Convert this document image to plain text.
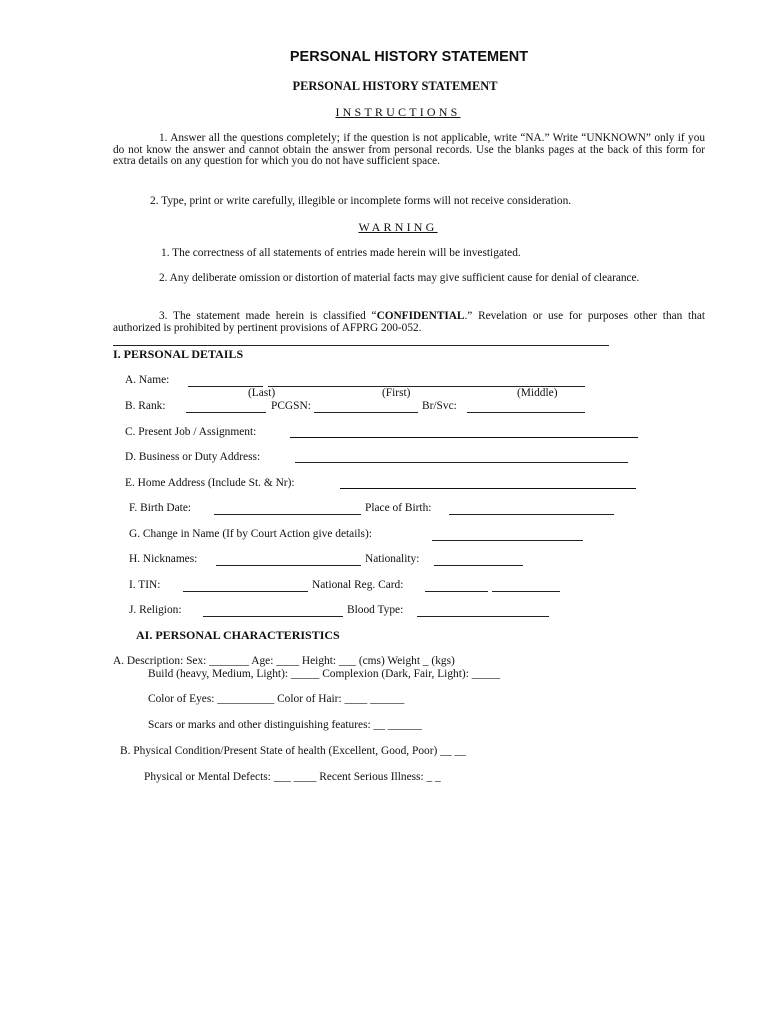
PERSONAL HISTORY STATEMENT
PERSONAL HISTORY STATEMENT
INSTRUCTIONS
1. Answer all the questions completely; if the question is not applicable, write “NA.” Write “UNKNOWN” only if you do not know the answer and cannot obtain the answer from personal records. Use the blanks pages at the back of this form for extra details on any question for which you do not have sufficient space.
2. Type, print or write carefully, illegible or incomplete forms will not receive consideration.
WARNING
1. The correctness of all statements of entries made herein will be investigated.
2. Any deliberate omission or distortion of material facts may give sufficient cause for denial of clearance.
3. The statement made herein is classified “CONFIDENTIAL.” Revelation or use for purposes other than that authorized is prohibited by pertinent provisions of AFPRG 200-052.
I. PERSONAL DETAILS
A. Name:
(Last)	(First)	(Middle)
B. Rank:	PCGSN:	Br/Svc:
C. Present Job / Assignment:
D. Business or Duty Address:
E. Home Address (Include St. & Nr):
F. Birth Date:	Place of Birth:
G. Change in Name (If by Court Action give details):
H. Nicknames:	Nationality:
I. TIN:	National Reg. Card:
J. Religion:	Blood Type:
AI. PERSONAL CHARACTERISTICS
A. Description: Sex: _______ Age: ____ Height: ___ (cms) Weight _ (kgs)
Build (heavy, Medium, Light): _____ Complexion (Dark, Fair, Light): _____
Color of Eyes: __________ Color of Hair: ____ ______
Scars or marks and other distinguishing features: __ ______
B. Physical Condition/Present State of health (Excellent, Good, Poor) __ __
Physical or Mental Defects: ___ ____ Recent Serious Illness: _ _
